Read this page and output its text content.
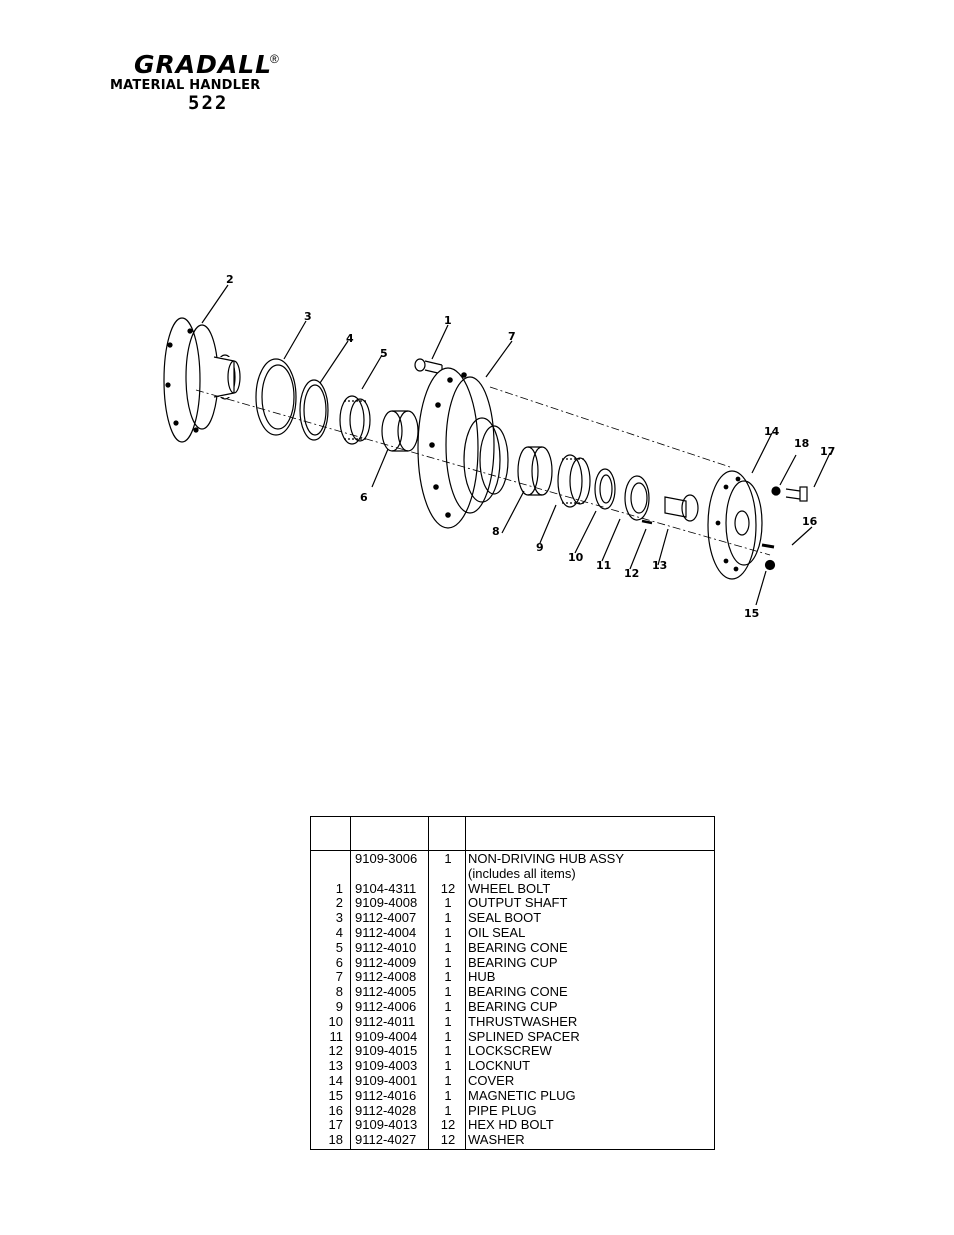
GRADALL
®
MATERIAL HANDLER
522
2
3
4
5
6
1
7
8
9
10
11
12
13
14
18
17
16
15
9109-3006	1	NON-DRIVING HUB ASSY
(includes all items)
1 9104-4311	12 WHEEL BOLT
2 9109-4008	1	OUTPUT SHAFT
3 9112-4007	1	SEAL BOOT
4 9112-4004	1	OIL SEAL
5 9112-4010	1	BEARING CONE
6 9112-4009	1	BEARING CUP
7 9112-4008	1	HUB
8 9112-4005	1	BEARING CONE
9 9112-4006	1	BEARING CUP
10 9112-4011	1	THRUSTWASHER
11 9109-4004	1	SPLINED SPACER
12 9109-4015	1	LOCKSCREW
13 9109-4003	1	LOCKNUT
14 9109-4001	1	COVER
15 9112-4016	1	MAGNETIC PLUG
16 9112-4028	1	PIPE PLUG
17 9109-4013	12 HEX HD BOLT
18 9112-4027	12 WASHER
